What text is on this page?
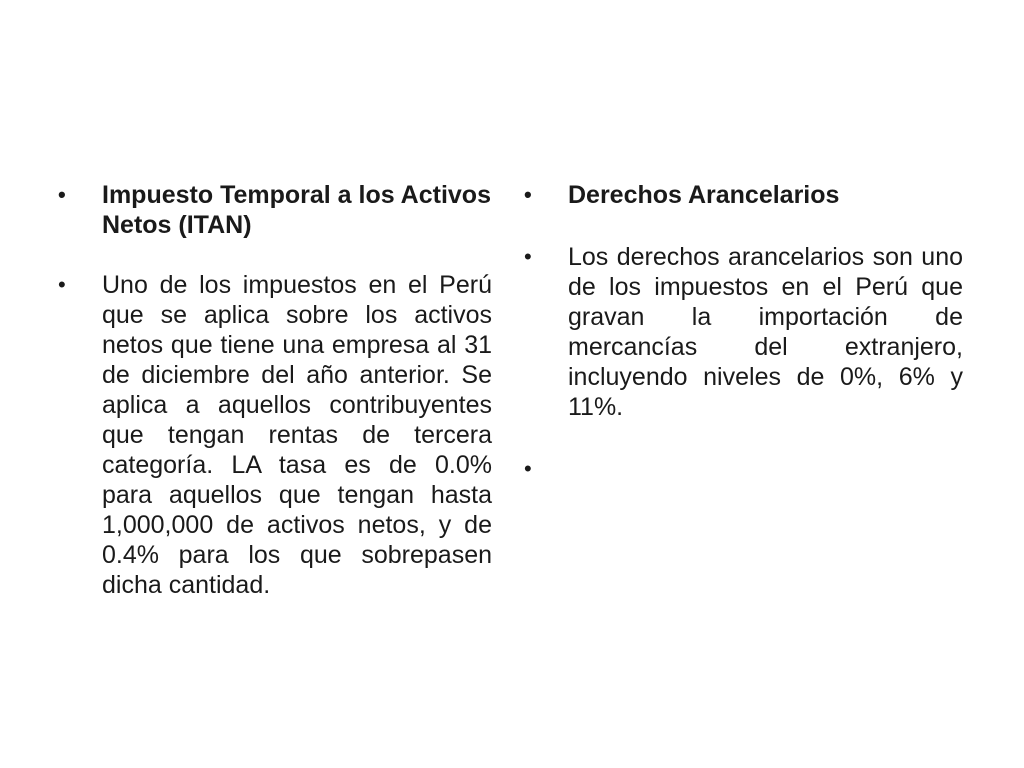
•	Impuesto Temporal a los Activos Netos (ITAN)
•	Uno de los impuestos en el Perú que se aplica sobre los activos netos que tiene una empresa al 31 de diciembre del año anterior. Se aplica a aquellos contribuyentes que tengan rentas de tercera categoría. LA tasa es de 0.0% para aquellos que tengan hasta 1,000,000 de activos netos, y de 0.4% para los que sobrepasen dicha cantidad.
•	Derechos Arancelarios
•	Los derechos arancelarios son uno de los impuestos en el Perú que gravan la importación de mercancías del extranjero, incluyendo niveles de 0%, 6% y 11%.
•
